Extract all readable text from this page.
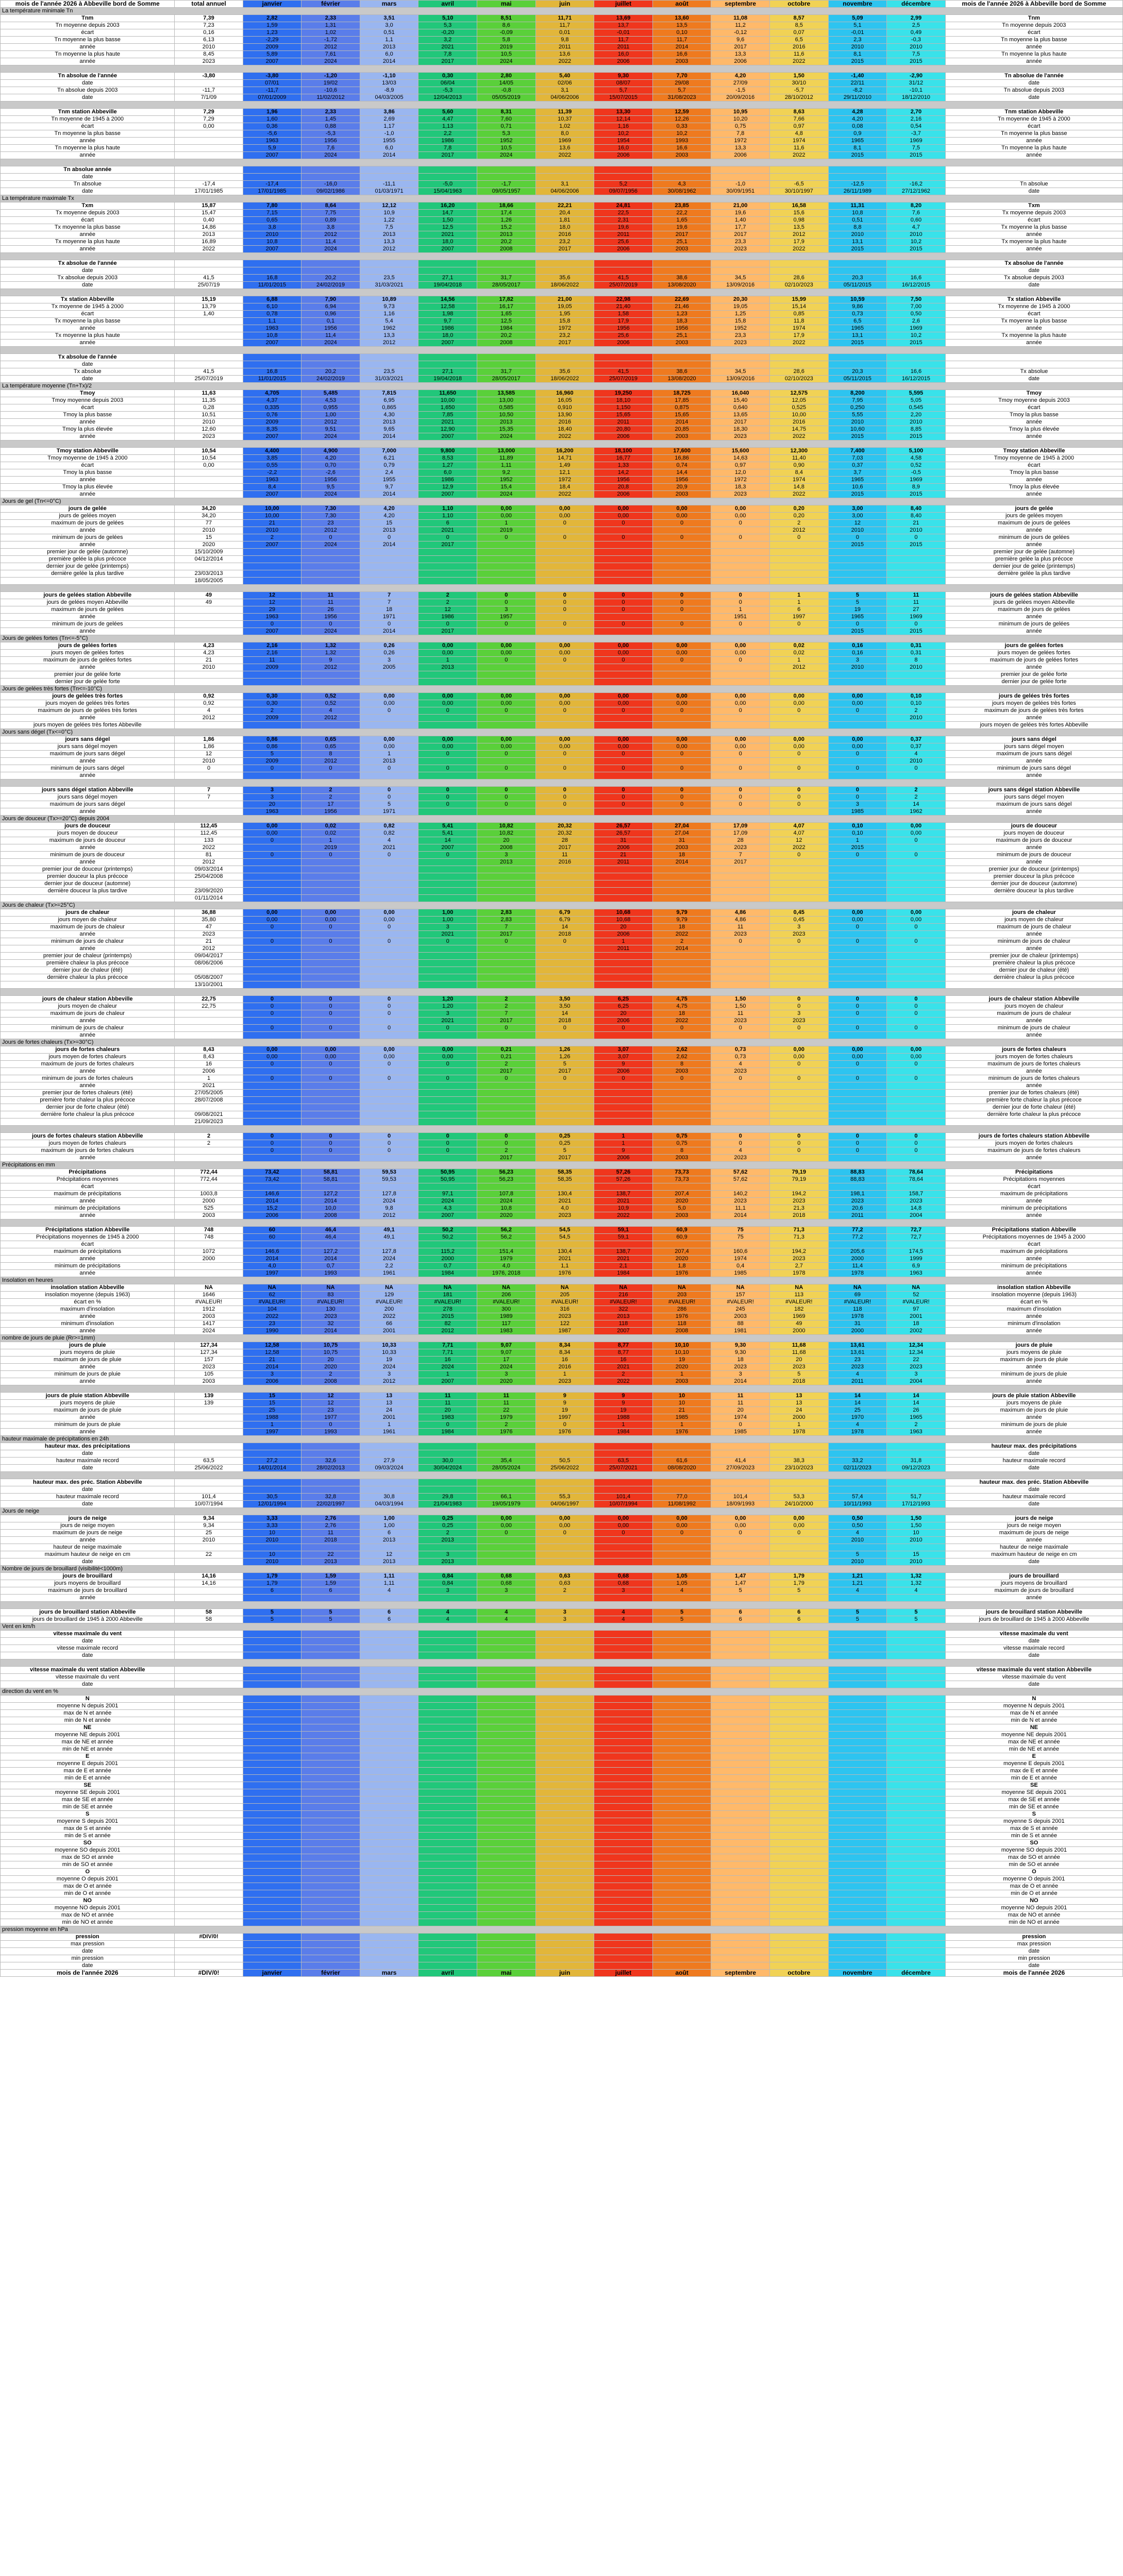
mois de l'année 2026 à Abbeville bord de Somme	total annuel	janvier	février	mars	avril	mai	juin	juillet	août	septembre	octobre	novembre	décembre	mois de l'année 2026 à Abbeville bord de Somme
La température minimale Tn														
Tnm	7,39	2,82	2,33	3,51	5,10	8,51	11,71	13,69	13,60	11,08	8,57	5,09	2,99	Tnm
Tn moyenne depuis 2003	7,23	1,59	1,31	3,0	5,3	8,6	11,7	13,7	13,5	11,2	8,5	5,1	2,5	Tn moyenne depuis 2003
écart	0,16	1,23	1,02	0,51	-0,20	-0,09	0,01	-0,01	0,10	-0,12	0,07	-0,01	0,49	écart
Tn moyenne la plus basse	6,13	-2,29	-1,72	1,1	3,2	5,8	9,8	11,7	11,7	9,6	6,5	2,3	-0,3	Tn moyenne la plus basse
année	2010	2009	2012	2013	2021	2019	2011	2011	2014	2017	2016	2010	2010	année
Tn moyenne la plus haute	8,45	5,89	7,61	6,0	7,8	10,5	13,6	16,0	16,6	13,3	11,6	8,1	7,5	Tn moyenne la plus haute
année	2023	2007	2024	2014	2017	2024	2022	2006	2003	2006	2022	2015	2015	année

Tn absolue de l'année	-3,80	-3,80	-1,20	-1,10	0,30	2,80	5,40	9,30	7,70	4,20	1,50	-1,40	-2,90	Tn absolue de l'année
date		07/01	19/02	13/03	06/04	14/05	02/06	08/07	29/08	27/09	30/10	22/11	31/12	date
Tn absolue depuis 2003	-11,7	-11,7	-10,6	-8,9	-5,3	-0,8	3,1	5,7	5,7	-1,5	-5,7	-8,2	-10,1	Tn absolue depuis 2003
date	7/1/09	07/01/2009	11/02/2012	04/03/2005	12/04/2013	05/05/2019	04/06/2006	15/07/2015	31/08/2023	20/09/2016	28/10/2012	29/11/2010	18/12/2010	date

Tnm station Abbeville	7,29	1,96	2,33	3,86	5,60	8,31	11,39	13,30	12,59	10,95	8,63	4,28	2,70	Tnm station Abbeville
Tn moyenne de 1945 à 2000	7,29	1,60	1,45	2,69	4,47	7,60	10,37	12,14	12,26	10,20	7,66	4,20	2,16	Tn moyenne de 1945 à 2000
écart	0,00	0,36	0,88	1,17	1,13	0,71	1,02	1,16	0,33	0,75	0,97	0,08	0,54	écart
Tn moyenne la plus basse		-5,6	-5,3	-1,0	2,2	5,3	8,0	10,2	10,2	7,8	4,8	0,9	-3,7	Tn moyenne la plus basse
année		1963	1956	1955	1986	1952	1969	1954	1993	1972	1974	1965	1969	année
Tn moyenne la plus haute		5,9	7,6	6,0	7,8	10,5	13,6	16,0	16,6	13,3	11,6	8,1	7,5	Tn moyenne la plus haute
année		2007	2024	2014	2017	2024	2022	2006	2003	2006	2022	2015	2015	année

Tn absolue année														
date														
Tn absolue	-17,4	-17,4	-16,0	-11,1	-5,0	-1,7	3,1	5,2	4,3	-1,0	-6,5	-12,5	-16,2	Tn absolue
date	17/01/1985	17/01/1985	09/02/1986	01/03/1971	15/04/1963	09/05/1957	04/06/2006	09/07/1956	30/08/1962	30/09/1951	30/10/1997	26/11/1989	27/12/1962	date
La température maximale Tx														
Txm	15,87	7,80	8,64	12,12	16,20	18,66	22,21	24,81	23,85	21,00	16,58	11,31	8,20	Txm
Tx moyenne depuis 2003	15,47	7,15	7,75	10,9	14,7	17,4	20,4	22,5	22,2	19,6	15,6	10,8	7,6	Tx moyenne depuis 2003
écart	0,40	0,65	0,89	1,22	1,50	1,26	1,81	2,31	1,65	1,40	0,98	0,51	0,60	écart
Tx moyenne la plus basse	14,86	3,8	3,8	7,5	12,5	15,2	18,0	19,6	19,6	17,7	13,5	8,8	4,7	Tx moyenne la plus basse
année	2013	2010	2012	2013	2021	2013	2016	2011	2017	2017	2012	2010	2010	année
Tx moyenne la plus haute	16,89	10,8	11,4	13,3	18,0	20,2	23,2	25,6	25,1	23,3	17,9	13,1	10,2	Tx moyenne la plus haute
année	2022	2007	2024	2012	2007	2008	2017	2006	2003	2023	2022	2015	2015	année

Tx absolue de l'année														Tx absolue de l'année
date														date
Tx absolue depuis 2003	41,5	16,8	20,2	23,5	27,1	31,7	35,6	41,5	38,6	34,5	28,6	20,3	16,6	Tx absolue depuis 2003
date	25/07/19	11/01/2015	24/02/2019	31/03/2021	19/04/2018	28/05/2017	18/06/2022	25/07/2019	13/08/2020	13/09/2016	02/10/2023	05/11/2015	16/12/2015	date

Tx station Abbeville	15,19	6,88	7,90	10,89	14,56	17,82	21,00	22,98	22,69	20,30	15,99	10,59	7,50	Tx station Abbeville
Tx moyenne de 1945 à 2000	13,79	6,10	6,94	9,73	12,58	16,17	19,05	21,40	21,46	19,05	15,14	9,86	7,00	Tx moyenne de 1945 à 2000
écart	1,40	0,78	0,96	1,16	1,98	1,65	1,95	1,58	1,23	1,25	0,85	0,73	0,50	écart
Tx moyenne la plus basse		1,1	0,1	5,4	9,7	12,5	15,8	17,9	18,3	15,8	11,8	6,5	2,6	Tx moyenne la plus basse
année		1963	1956	1962	1986	1984	1972	1956	1956	1952	1974	1965	1969	année
Tx moyenne la plus haute		10,8	11,4	13,3	18,0	20,2	23,2	25,6	25,1	23,3	17,9	13,1	10,2	Tx moyenne la plus haute
année		2007	2024	2012	2007	2008	2017	2006	2003	2023	2022	2015	2015	année

Tx absolue de l'année														
date														
Tx absolue	41,5	16,8	20,2	23,5	27,1	31,7	35,6	41,5	38,6	34,5	28,6	20,3	16,6	Tx absolue
date	25/07/2019	11/01/2015	24/02/2019	31/03/2021	19/04/2018	28/05/2017	18/06/2022	25/07/2019	13/08/2020	13/09/2016	02/10/2023	05/11/2015	16/12/2015	date
La température moyenne (Tn+Tx)/2														
Tmoy	11,63	4,705	5,485	7,815	11,650	13,585	16,960	19,250	18,725	16,040	12,575	8,200	5,595	Tmoy
Tmoy moyenne depuis 2003	11,35	4,37	4,53	6,95	10,00	13,00	16,05	18,10	17,85	15,40	12,05	7,95	5,05	Tmoy moyenne depuis 2003
écart	0,28	0,335	0,955	0,865	1,650	0,585	0,910	1,150	0,875	0,640	0,525	0,250	0,545	écart
Tmoy la plus basse	10,51	0,76	1,00	4,30	7,85	10,50	13,90	15,65	15,65	13,65	10,00	5,55	2,20	Tmoy la plus basse
année	2010	2009	2012	2013	2021	2013	2016	2011	2014	2017	2016	2010	2010	année
Tmoy la plus élevée	12,60	8,35	9,51	9,65	12,90	15,35	18,40	20,80	20,85	18,30	14,75	10,60	8,85	Tmoy la plus élevée
année	2023	2007	2024	2014	2007	2024	2022	2006	2003	2023	2022	2015	2015	année

Tmoy station Abbeville	10,54	4,400	4,900	7,000	9,800	13,000	16,200	18,100	17,600	15,600	12,300	7,400	5,100	Tmoy station Abbeville
Tmoy moyenne de 1945 à 2000	10,54	3,85	4,20	6,21	8,53	11,89	14,71	16,77	16,86	14,63	11,40	7,03	4,58	Tmoy moyenne de 1945 à 2000
écart	0,00	0,55	0,70	0,79	1,27	1,11	1,49	1,33	0,74	0,97	0,90	0,37	0,52	écart
Tmoy la plus basse		-2,2	-2,6	2,4	6,0	9,2	12,1	14,2	14,4	12,0	8,4	3,7	-0,5	Tmoy la plus basse
année		1963	1956	1955	1986	1952	1972	1956	1956	1972	1974	1965	1969	année
Tmoy la plus élevée		8,4	9,5	9,7	12,9	15,4	18,4	20,8	20,9	18,3	14,8	10,6	8,9	Tmoy la plus élevée
année		2007	2024	2014	2007	2024	2022	2006	2003	2023	2022	2015	2015	année
Jours de gel (Tn<=0°C)														
jours de gelée	34,20	10,00	7,30	4,20	1,10	0,00	0,00	0,00	0,00	0,00	0,20	3,00	8,40	jours de gelée
jours de gelées moyen	34,20	10,00	7,30	4,20	1,10	0,00	0,00	0,00	0,00	0,00	0,20	3,00	8,40	jours de gelées moyen
maximum de jours de gelées	77	21	23	15	6	1	0	0	0	0	2	12	21	maximum de jours de gelées
année	2010	2010	2012	2013	2021	2019					2012	2010	2010	année
minimum de jours de gelées	15	2	0	0	0	0	0	0	0	0	0	0	0	minimum de jours de gelées
année	2020	2007	2024	2014	2017							2015	2015	année
premier jour de gelée (automne)	15/10/2009													premier jour de gelée (automne)
première gelée la plus précoce	04/12/2014													première gelée la plus précoce
dernier jour de gelée (printemps)														dernier jour de gelée (printemps)
dernière gelée la plus tardive	23/03/2013													dernière gelée la plus tardive
	18/05/2005													

jours de gelées station Abbeville	49	12	11	7	2	0	0	0	0	0	1	5	11	jours de gelées station Abbeville
jours de gelées moyen Abbeville	49	12	11	7	2	0	0	0	0	0	1	5	11	jours de gelées moyen Abbeville
maximum de jours de gelées		29	26	18	12	3	0	0	0	1	6	19	27	maximum de jours de gelées
année		1963	1956	1971	1986	1957				1951	1997	1965	1969	année
minimum de jours de gelées		0	0	0	0	0	0	0	0	0	0	0	0	minimum de jours de gelées
année		2007	2024	2014	2017							2015	2015	année
Jours de gelées fortes (Tn<=-5°C)														
jours de gelées fortes	4,23	2,16	1,32	0,26	0,00	0,00	0,00	0,00	0,00	0,00	0,02	0,16	0,31	jours de gelées fortes
jours moyen de gelées fortes	4,23	2,16	1,32	0,26	0,00	0,00	0,00	0,00	0,00	0,00	0,02	0,16	0,31	jours moyen de gelées fortes
maximum de jours de gelées fortes	21	11	9	3	1	0	0	0	0	0	1	3	8	maximum de jours de gelées fortes
année	2010	2009	2012	2005	2013						2012	2010	2010	année
premier jour de gelée forte														premier jour de gelée forte
dernier jour de gelée forte														dernier jour de gelée forte
Jours de gelées très fortes (Tn<=-10°C)														
jours de gelées très fortes	0,92	0,30	0,52	0,00	0,00	0,00	0,00	0,00	0,00	0,00	0,00	0,00	0,10	jours de gelées très fortes
jours moyen de gelées très fortes	0,92	0,30	0,52	0,00	0,00	0,00	0,00	0,00	0,00	0,00	0,00	0,00	0,10	jours moyen de gelées très fortes
maximum de jours de gelées très fortes	4	2	4	0	0	0	0	0	0	0	0	0	2	maximum de jours de gelées très fortes
année	2012	2009	2012										2010	année
jours moyen de gelées très fortes Abbeville														jours moyen de gelées très fortes Abbeville
Jours sans dégel (Tx<=0°C)														
jours sans dégel	1,86	0,86	0,65	0,00	0,00	0,00	0,00	0,00	0,00	0,00	0,00	0,00	0,37	jours sans dégel
jours sans dégel moyen	1,86	0,86	0,65	0,00	0,00	0,00	0,00	0,00	0,00	0,00	0,00	0,00	0,37	jours sans dégel moyen
maximum de jours sans dégel	12	5	8	1	0	0	0	0	0	0	0	0	4	maximum de jours sans dégel
année	2010	2009	2012	2013									2010	année
minimum de jours sans dégel	0	0	0	0	0	0	0	0	0	0	0	0	0	minimum de jours sans dégel
année														année

jours sans dégel station Abbeville	7	3	2	0	0	0	0	0	0	0	0	0	2	jours sans dégel station Abbeville
jours sans dégel moyen	7	3	2	0	0	0	0	0	0	0	0	0	2	jours sans dégel moyen
maximum de jours sans dégel		20	17	5	0	0	0	0	0	0	0	3	14	maximum de jours sans dégel
année		1963	1956	1971								1985	1962	année
Jours de douceur (Tx>=20°C) depuis 2004														
jours de douceur	112,45	0,00	0,02	0,82	5,41	10,82	20,32	26,57	27,04	17,09	4,07	0,10	0,00	jours de douceur
jours moyen de douceur	112,45	0,00	0,02	0,82	5,41	10,82	20,32	26,57	27,04	17,09	4,07	0,10	0,00	jours moyen de douceur
maximum de jours de douceur	133	0	1	4	14	20	28	31	31	28	12	1	0	maximum de jours de douceur
année	2022		2019	2021	2007	2008	2017	2006	2003	2023	2022	2015		année
minimum de jours de douceur	81	0	0	0	0	3	11	21	18	7	0	0	0	minimum de jours de douceur
année	2012					2013	2016	2011	2014	2017				année
premier jour de douceur (printemps)	09/03/2014													premier jour de douceur (printemps)
premier douceur la plus précoce	25/04/2008													premier douceur la plus précoce
dernier jour de douceur (automne)														dernier jour de douceur (automne)
dernière douceur la plus tardive	23/09/2020													dernière douceur la plus tardive
	01/11/2014													
Jours de chaleur (Tx>=25°C)														
jours de chaleur	36,88	0,00	0,00	0,00	1,00	2,83	6,79	10,68	9,79	4,86	0,45	0,00	0,00	jours de chaleur
jours moyen de chaleur	35,80	0,00	0,00	0,00	1,00	2,83	6,79	10,68	9,79	4,86	0,45	0,00	0,00	jours moyen de chaleur
maximum de jours de chaleur	47	0	0	0	3	7	14	20	18	11	3	0	0	maximum de jours de chaleur
année	2023				2021	2017	2018	2006	2022	2023	2023			année
minimum de jours de chaleur	21	0	0	0	0	0	0	1	2	0	0	0	0	minimum de jours de chaleur
année	2012							2011	2014					année
premier jour de chaleur (printemps)	09/04/2017													premier jour de chaleur (printemps)
première chaleur la plus précoce	08/06/2006													première chaleur la plus précoce
dernier jour de chaleur (été)														dernier jour de chaleur (été)
dernière chaleur la plus précoce	05/08/2007													dernière chaleur la plus précoce
	13/10/2001													

jours de chaleur station Abbeville	22,75	0	0	0	1,20	2	3,50	6,25	4,75	1,50	0	0	0	jours de chaleur station Abbeville
jours moyen de chaleur	22,75	0	0	0	1,20	2	3,50	6,25	4,75	1,50	0	0	0	jours moyen de chaleur
maximum de jours de chaleur		0	0	0	3	7	14	20	18	11	3	0	0	maximum de jours de chaleur
année					2021	2017	2018	2006	2022	2023	2023			année
minimum de jours de chaleur		0	0	0	0	0	0	0	0	0	0	0	0	minimum de jours de chaleur
année														année
Jours de fortes chaleurs (Tx>=30°C)														
jours de fortes chaleurs	8,43	0,00	0,00	0,00	0,00	0,21	1,26	3,07	2,62	0,73	0,00	0,00	0,00	jours de fortes chaleurs
jours moyen de fortes chaleurs	8,43	0,00	0,00	0,00	0,00	0,21	1,26	3,07	2,62	0,73	0,00	0,00	0,00	jours moyen de fortes chaleurs
maximum de jours de fortes chaleurs	16	0	0	0	0	2	5	9	8	4	0	0	0	maximum de jours de fortes chaleurs
année	2006					2017	2017	2006	2003	2023				année
minimum de jours de fortes chaleurs	1	0	0	0	0	0	0	0	0	0	0	0	0	minimum de jours de fortes chaleurs
année	2021													année
premier jour de fortes chaleurs (été)	27/05/2005													premier jour de fortes chaleurs (été)
première forte chaleur la plus précoce	28/07/2008													première forte chaleur la plus précoce
dernier jour de forte chaleur (été)														dernier jour de forte chaleur (été)
dernière forte chaleur la plus précoce	09/08/2021													dernière forte chaleur la plus précoce
	21/09/2023													

jours de fortes chaleurs station Abbeville	2	0	0	0	0	0	0,25	1	0,75	0	0	0	0	jours de fortes chaleurs station Abbeville
jours moyen de fortes chaleurs	2	0	0	0	0	0	0,25	1	0,75	0	0	0	0	jours moyen de fortes chaleurs
maximum de jours de fortes chaleurs		0	0	0	0	2	5	9	8	4	0	0	0	maximum de jours de fortes chaleurs
année						2017	2017	2006	2003	2023				année
Précipitations en mm														
Précipitations	772,44	73,42	58,81	59,53	50,95	56,23	58,35	57,26	73,73	57,62	79,19	88,83	78,64	Précipitations
Précipitations moyennes	772,44	73,42	58,81	59,53	50,95	56,23	58,35	57,26	73,73	57,62	79,19	88,83	78,64	Précipitations moyennes
écart														écart
maximum de précipitations	1003,8	146,6	127,2	127,8	97,1	107,8	130,4	138,7	207,4	140,2	194,2	198,1	158,7	maximum de précipitations
année	2000	2014	2014	2024	2024	2024	2021	2021	2020	2023	2023	2023	2023	année
minimum de précipitations	525	15,2	10,0	9,8	4,3	10,8	4,0	10,9	5,0	11,1	21,3	20,6	14,8	minimum de précipitations
année	2003	2006	2008	2012	2007	2020	2023	2022	2003	2014	2018	2011	2004	année

Précipitations station Abbeville	748	60	46,4	49,1	50,2	56,2	54,5	59,1	60,9	75	71,3	77,2	72,7	Précipitations station Abbeville
Précipitations moyennes de 1945 à 2000	748	60	46,4	49,1	50,2	56,2	54,5	59,1	60,9	75	71,3	77,2	72,7	Précipitations moyennes de 1945 à 2000
écart														écart
maximum de précipitations	1072	146,6	127,2	127,8	115,2	151,4	130,4	138,7	207,4	160,6	194,2	205,6	174,5	maximum de précipitations
année	2000	2014	2014	2024	2000	1979	2021	2021	2020	1974	2023	2000	1999	année
minimum de précipitations		4,0	0,7	2,2	0,7	4,0	1,1	2,1	1,8	0,4	2,7	11,4	6,9	minimum de précipitations
année		1997	1993	1961	1984	1976, 2018	1976	1984	1976	1985	1978	1978	1963	année
Insolation en heures														
insolation station Abbeville	NA	NA	NA	NA	NA	NA	NA	NA	NA	NA	NA	NA	NA	insolation station Abbeville
insolation moyenne (depuis 1963)	1646	62	83	129	181	206	205	216	203	157	113	69	52	insolation moyenne (depuis 1963)
écart en %	#VALEUR!	#VALEUR!	#VALEUR!	#VALEUR!	#VALEUR!	#VALEUR!	#VALEUR!	#VALEUR!	#VALEUR!	#VALEUR!	#VALEUR!	#VALEUR!	#VALEUR!	écart en %
maximum d'insolation	1912	104	130	200	278	300	316	322	286	245	182	118	97	maximum d'insolation
année	2003	2022	2023	2022	2015	1989	2023	2013	1976	2003	1969	1978	2001	année
minimum d'insolation	1417	23	32	66	82	117	122	118	118	88	49	31	18	minimum d'insolation
année	2024	1990	2014	2001	2012	1983	1987	2007	2008	1981	2000	2000	2002	année
nombre de jours de pluie (Rr>=1mm)														
jours de pluie	127,34	12,58	10,75	10,33	7,71	9,07	8,34	8,77	10,10	9,30	11,68	13,61	12,34	jours de pluie
jours moyens de pluie	127,34	12,58	10,75	10,33	7,71	9,07	8,34	8,77	10,10	9,30	11,68	13,61	12,34	jours moyens de pluie
maximum de jours de pluie	157	21	20	19	16	17	16	16	19	18	20	23	22	maximum de jours de pluie
année	2023	2014	2020	2024	2024	2024	2016	2021	2020	2023	2023	2023	2023	année
minimum de jours de pluie	105	3	2	3	1	3	1	2	1	3	5	4	3	minimum de jours de pluie
année	2003	2006	2008	2012	2007	2020	2023	2022	2003	2014	2018	2011	2004	année

jours de pluie station Abbeville	139	15	12	13	11	11	9	9	10	11	13	14	14	jours de pluie station Abbeville
jours moyens de pluie	139	15	12	13	11	11	9	9	10	11	13	14	14	jours moyens de pluie
maximum de jours de pluie		25	23	24	20	22	19	19	21	20	24	25	26	maximum de jours de pluie
année		1988	1977	2001	1983	1979	1997	1988	1985	1974	2000	1970	1965	année
minimum de jours de pluie		1	0	1	0	2	0	1	1	0	1	4	2	minimum de jours de pluie
année		1997	1993	1961	1984	1976	1976	1984	1976	1985	1978	1978	1963	année
hauteur maximale de précipitations en 24h														
hauteur max. des précipitations														hauteur max. des précipitations
date														date
hauteur maximale record	63,5	27,2	32,6	27,9	30,0	35,4	50,5	63,5	61,6	41,4	38,3	33,2	31,8	hauteur maximale record
date	25/06/2022	14/01/2014	28/02/2013	09/03/2024	30/04/2024	28/05/2024	25/06/2022	25/07/2021	08/08/2020	27/09/2023	23/10/2023	02/11/2023	09/12/2023	date

hauteur max. des préc. Station Abbeville														hauteur max. des préc. Station Abbeville
date														date
hauteur maximale record	101,4	30,5	32,8	30,8	29,8	66,1	55,3	101,4	77,0	101,4	53,3	57,4	51,7	hauteur maximale record
date	10/07/1994	12/01/1994	22/02/1997	04/03/1994	21/04/1983	19/05/1979	04/06/1997	10/07/1994	11/08/1992	18/09/1993	24/10/2000	10/11/1993	17/12/1993	date
Jours de neige														
jours de neige	9,34	3,33	2,76	1,00	0,25	0,00	0,00	0,00	0,00	0,00	0,00	0,50	1,50	jours de neige
jours de neige moyen	9,34	3,33	2,76	1,00	0,25	0,00	0,00	0,00	0,00	0,00	0,00	0,50	1,50	jours de neige moyen
maximum de jours de neige	25	10	11	6	2	0	0	0	0	0	0	4	10	maximum de jours de neige
année	2010	2010	2018	2013	2013							2010	2010	année
hauteur de neige maximale														hauteur de neige maximale
maximum hauteur de neige en cm	22	10	22	12	3							5	15	maximum hauteur de neige en cm
date		2010	2013	2013	2013							2010	2010	date
Nombre de jours de brouillard (visibilité<1000m)														
jours de brouillard	14,16	1,79	1,59	1,11	0,84	0,68	0,63	0,68	1,05	1,47	1,79	1,21	1,32	jours de brouillard
jours moyens de brouillard	14,16	1,79	1,59	1,11	0,84	0,68	0,63	0,68	1,05	1,47	1,79	1,21	1,32	jours moyens de brouillard
maximum de jours de brouillard		6	6	4	3	3	2	3	4	5	5	4	4	maximum de jours de brouillard
année														année

jours de brouillard station Abbeville	58	5	5	6	4	4	3	4	5	6	6	5	5	jours de brouillard station Abbeville
jours de brouillard de 1945 à 2000 Abbeville	58	5	5	6	4	4	3	4	5	6	6	5	5	jours de brouillard de 1945 à 2000 Abbeville
Vent en km/h														
vitesse maximale du vent														vitesse maximale du vent
date														date
vitesse maximale record														vitesse maximale record
date														date

vitesse maximale du vent station Abbeville														vitesse maximale du vent station Abbeville
vitesse maximale du vent														vitesse maximale du vent
date														date
direction du vent en %														
N														N
moyenne N depuis 2001														moyenne N depuis 2001
max de N et année														max de N et année
min de N et année														min de N et année
NE														NE
moyenne NE depuis 2001														moyenne NE depuis 2001
max de NE et année														max de NE et année
min de NE et année														min de NE et année
E														E
moyenne E depuis 2001														moyenne E depuis 2001
max de E et année														max de E et année
min de E et année														min de E et année
SE														SE
moyenne SE depuis 2001														moyenne SE depuis 2001
max de SE et année														max de SE et année
min de SE et année														min de SE et année
S														S
moyenne S depuis 2001														moyenne S depuis 2001
max de S et année														max de S et année
min de S et année														min de S et année
SO														SO
moyenne SO depuis 2001														moyenne SO depuis 2001
max de SO et année														max de SO et année
min de SO et année														min de SO et année
O														O
moyenne O depuis 2001														moyenne O depuis 2001
max de O et année														max de O et année
min de O et année														min de O et année
NO														NO
moyenne NO depuis 2001														moyenne NO depuis 2001
max de NO et année														max de NO et année
min de NO et année														min de NO et année
pression moyenne en hPa														
pression	#DIV/0!													pression
max pression														max pression
date														date
min pression														min pression
date														date
mois de l'année 2026	#DIV/0!	janvier	février	mars	avril	mai	juin	juillet	août	septembre	octobre	novembre	décembre	mois de l'année 2026
